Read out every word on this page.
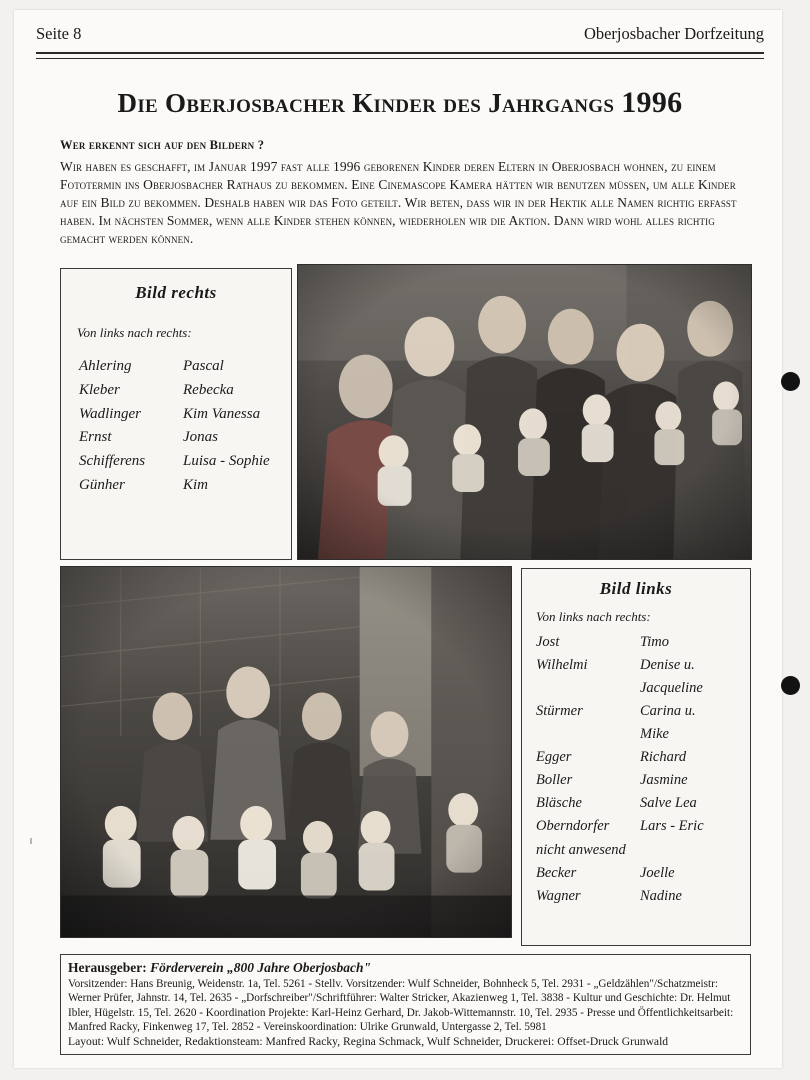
Seite 8	Oberjosbacher Dorfzeitung
Die Oberjosbacher Kinder des Jahrgangs 1996
Wer erkennt sich auf den Bildern ?
Wir haben es geschafft, im Januar 1997 fast alle 1996 geborenen Kinder deren Eltern in Oberjosbach wohnen, zu einem Fototermin ins Oberjosbacher Rathaus zu bekommen. Eine Cinemascope Kamera hätten wir benutzen müssen, um alle Kinder auf ein Bild zu bekommen. Deshalb haben wir das Foto geteilt. Wir beten, daß wir in der Hektik alle Namen richtig erfaßt haben. Im nächsten Sommer, wenn alle Kinder stehen können, wiederholen wir die Aktion. Dann wird wohl alles richtig gemacht werden können.
Bild rechts
Von links nach rechts:
Ahlering	Pascal
Kleber	Rebecka
Wadlinger	Kim Vanessa
Ernst	Jonas
Schifferens	Luisa - Sophie
Günher	Kim
Bild links
Von links nach rechts:
Jost	Timo
Wilhelmi	Denise u.
	Jacqueline
Stürmer	Carina u.
	Mike
Egger	Richard
Boller	Jasmine
Bläsche	Salve Lea
Oberndorfer	Lars - Eric
nicht anwesend	
Becker	Joelle
Wagner	Nadine
Herausgeber: Förderverein „800 Jahre Oberjosbach"
Vorsitzender: Hans Breunig, Weidenstr. 1a, Tel. 5261 - Stellv. Vorsitzender: Wulf Schneider, Bohnheck 5, Tel. 2931 - „Geldzählen"/Schatzmeistr: Werner Prüfer, Jahnstr. 14, Tel. 2635 - „Dorfschreiber"/Schriftführer: Walter Stricker, Akazienweg 1, Tel. 3838 - Kultur und Geschichte: Dr. Helmut Ibler, Hügelstr. 15, Tel. 2620 - Koordination Projekte: Karl-Heinz Gerhard, Dr. Jakob-Wittemannstr. 10, Tel. 2935 - Presse und Öffentlichkeitsarbeit: Manfred Racky, Finkenweg 17, Tel. 2852 - Vereinskoordination: Ulrike Grunwald, Untergasse 2, Tel. 5981
Layout: Wulf Schneider, Redaktionsteam: Manfred Racky, Regina Schmack, Wulf Schneider, Druckerei: Offset-Druck Grunwald
